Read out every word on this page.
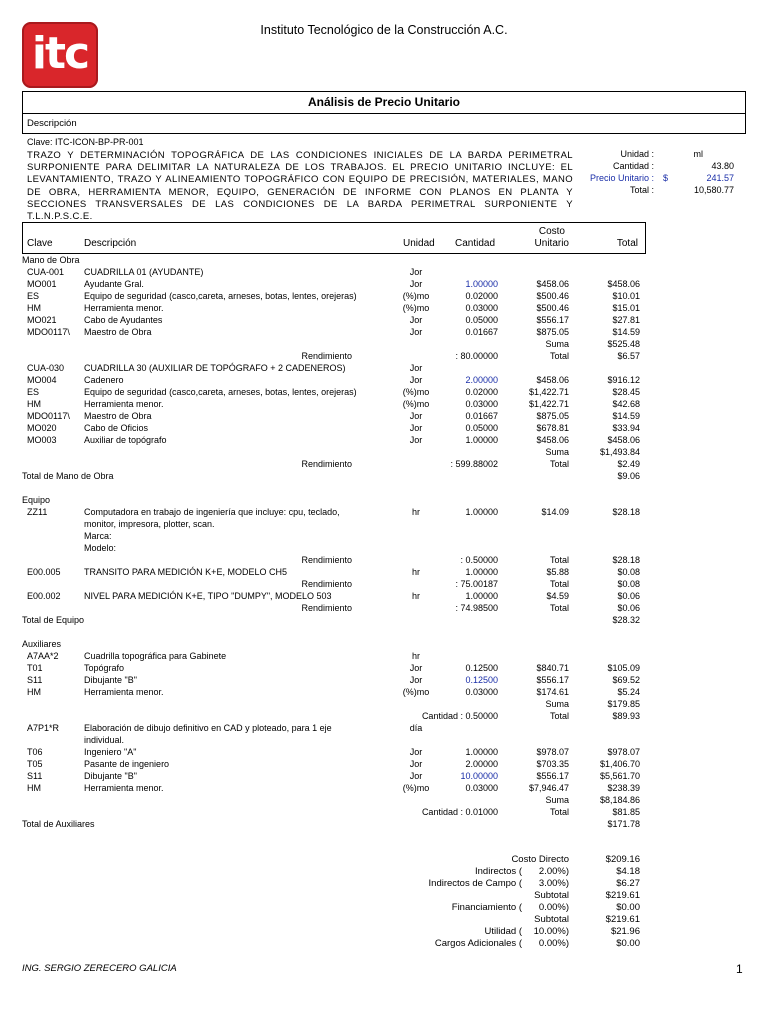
Instituto Tecnológico de la Construcción A.C.
itc
Análisis de Precio Unitario
Descripción
Clave: ITC-ICON-BP-PR-001
TRAZO Y DETERMINACIÓN TOPOGRÁFICA DE LAS CONDICIONES INICIALES DE LA BARDA PERIMETRAL
SURPONIENTE PARA DELIMITAR LA NATURALEZA DE LOS TRABAJOS. EL PRECIO UNITARIO INCLUYE: EL
LEVANTAMIENTO, TRAZO Y ALINEAMIENTO TOPOGRÁFICO CON EQUIPO DE PRECISIÓN, MATERIALES, MANO
DE OBRA, HERRAMIENTA MENOR, EQUIPO, GENERACIÓN DE INFORME CON PLANOS EN PLANTA Y
SECCIONES TRANSVERSALES DE LAS CONDICIONES DE LA BARDA PERIMETRAL SURPONIENTE Y
T.L.N.P.S.C.E.
Unidad :	ml
Cantidad :	43.80
Precio Unitario : $	241.57
Total :	10,580.77
Clave	Descripción	Unidad Cantidad
Costo
Unitario	Total
Mano de Obra
CUA-001 CUADRILLA 01 (AYUDANTE)	Jor
MO001	Ayudante Gral.	Jor	1.00000	$458.06	$458.06
ES	Equipo de seguridad (casco,careta, arneses, botas, lentes, orejeras)	(%)mo	0.02000	$500.46	$10.01
HM	Herramienta menor.	(%)mo	0.03000	$500.46	$15.01
MO021	Cabo de Ayudantes	Jor	0.05000	$556.17	$27.81
MDO0117\ Maestro de Obra	Jor	0.01667	$875.05	$14.59
Suma	$525.48
Rendimiento	: 80.00000	Total	$6.57
CUA-030 CUADRILLA 30 (AUXILIAR DE TOPÓGRAFO + 2 CADENEROS)	Jor
MO004	Cadenero	Jor	2.00000	$458.06	$916.12
ES	Equipo de seguridad (casco,careta, arneses, botas, lentes, orejeras)	(%)mo	0.02000	$1,422.71	$28.45
HM	Herramienta menor.	(%)mo	0.03000	$1,422.71	$42.68
MDO0117\ Maestro de Obra	Jor	0.01667	$875.05	$14.59
MO020	Cabo de Oficios	Jor	0.05000	$678.81	$33.94
MO003	Auxiliar de topógrafo	Jor	1.00000	$458.06	$458.06
Suma	$1,493.84
Rendimiento	: 599.88002	Total	$2.49
Total de Mano de Obra	$9.06
Equipo
ZZ11	Computadora en trabajo de ingeniería que incluye: cpu, teclado,	hr	1.00000	$14.09	$28.18
monitor, impresora, plotter, scan.
Marca:
Modelo:
Rendimiento	: 0.50000	Total	$28.18
E00.005	TRANSITO PARA MEDICIÓN K+E, MODELO CH5	hr	1.00000	$5.88	$0.08
Rendimiento	: 75.00187	Total	$0.08
E00.002	NIVEL PARA MEDICIÓN K+E, TIPO "DUMPY", MODELO 503	hr	1.00000	$4.59	$0.06
Rendimiento	: 74.98500	Total	$0.06
Total de Equipo	$28.32
Auxiliares
A7AA*2	Cuadrilla topográfica para Gabinete	hr
T01	Topógrafo	Jor	0.12500	$840.71	$105.09
S11	Dibujante "B"	Jor	0.12500	$556.17	$69.52
HM	Herramienta menor.	(%)mo	0.03000	$174.61	$5.24
Suma	$179.85
Cantidad : 0.50000	Total	$89.93
A7P1*R	Elaboración de dibujo definitivo en CAD y ploteado, para 1 eje	día
individual.
T06	Ingeniero "A"	Jor	1.00000	$978.07	$978.07
T05	Pasante de ingeniero	Jor	2.00000	$703.35	$1,406.70
S11	Dibujante "B"	Jor	10.00000	$556.17	$5,561.70
HM	Herramienta menor.	(%)mo	0.03000	$7,946.47	$238.39
Suma	$8,184.86
Cantidad : 0.01000	Total	$81.85
Total de Auxiliares	$171.78
Costo Directo	$209.16
Indirectos ( 2.00%)	$4.18
Indirectos de Campo ( 3.00%)	$6.27
Subtotal	$219.61
Financiamiento ( 0.00%)	$0.00
Subtotal	$219.61
Utilidad ( 10.00%)	$21.96
Cargos Adicionales ( 0.00%)	$0.00
ING. SERGIO ZERECERO GALICIA	1
